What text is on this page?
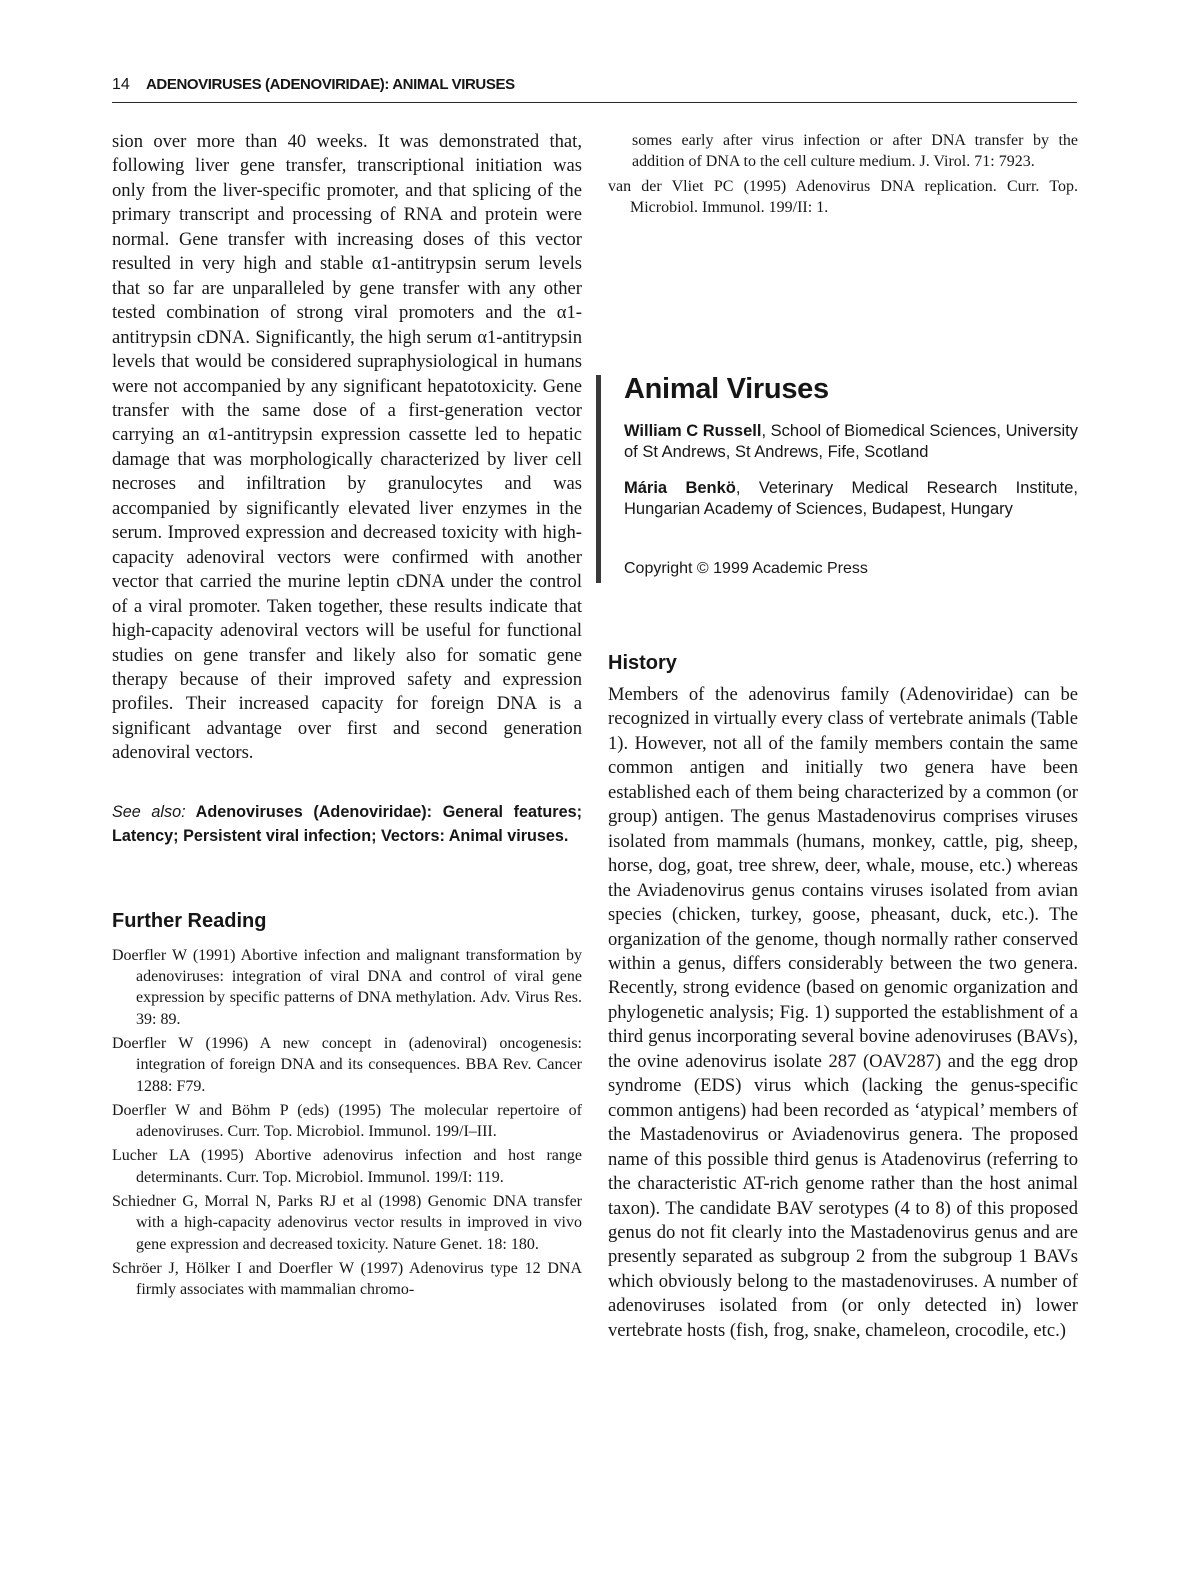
14 ADENOVIRUSES (ADENOVIRIDAE): ANIMAL VIRUSES

sion over more than 40 weeks. It was demonstrated that, following liver gene transfer, transcriptional initiation was only from the liver-specific promoter, and that splicing of the primary transcript and processing of RNA and protein were normal. Gene transfer with increasing doses of this vector resulted in very high and stable α1-antitrypsin serum levels that so far are unparalleled by gene transfer with any other tested combination of strong viral promoters and the α1-antitrypsin cDNA. Significantly, the high serum α1-antitrypsin levels that would be considered supraphysiological in humans were not accompanied by any significant hepatotoxicity. Gene transfer with the same dose of a first-generation vector carrying an α1-antitrypsin expression cassette led to hepatic damage that was morphologically characterized by liver cell necroses and infiltration by granulocytes and was accompanied by significantly elevated liver enzymes in the serum. Improved expression and decreased toxicity with high-capacity adenoviral vectors were confirmed with another vector that carried the murine leptin cDNA under the control of a viral promoter. Taken together, these results indicate that high-capacity adenoviral vectors will be useful for functional studies on gene transfer and likely also for somatic gene therapy because of their improved safety and expression profiles. Their increased capacity for foreign DNA is a significant advantage over first and second generation adenoviral vectors.

See also: Adenoviruses (Adenoviridae): General features; Latency; Persistent viral infection; Vectors: Animal viruses.
Further Reading
Doerfler W (1991) Abortive infection and malignant transformation by adenoviruses: integration of viral DNA and control of viral gene expression by specific patterns of DNA methylation. Adv. Virus Res. 39: 89.
Doerfler W (1996) A new concept in (adenoviral) oncogenesis: integration of foreign DNA and its consequences. BBA Rev. Cancer 1288: F79.
Doerfler W and Böhm P (eds) (1995) The molecular repertoire of adenoviruses. Curr. Top. Microbiol. Immunol. 199/I–III.
Lucher LA (1995) Abortive adenovirus infection and host range determinants. Curr. Top. Microbiol. Immunol. 199/I: 119.
Schiedner G, Morral N, Parks RJ et al (1998) Genomic DNA transfer with a high-capacity adenovirus vector results in improved in vivo gene expression and decreased toxicity. Nature Genet. 18: 180.
Schröer J, Hölker I and Doerfler W (1997) Adenovirus type 12 DNA firmly associates with mammalian chromo-
somes early after virus infection or after DNA transfer by the addition of DNA to the cell culture medium. J. Virol. 71: 7923.
van der Vliet PC (1995) Adenovirus DNA replication. Curr. Top. Microbiol. Immunol. 199/II: 1.
Animal Viruses

William C Russell, School of Biomedical Sciences, University of St Andrews, St Andrews, Fife, Scotland

Mária Benkö, Veterinary Medical Research Institute, Hungarian Academy of Sciences, Budapest, Hungary

Copyright © 1999 Academic Press
History

Members of the adenovirus family (Adenoviridae) can be recognized in virtually every class of vertebrate animals (Table 1). However, not all of the family members contain the same common antigen and initially two genera have been established each of them being characterized by a common (or group) antigen. The genus Mastadenovirus comprises viruses isolated from mammals (humans, monkey, cattle, pig, sheep, horse, dog, goat, tree shrew, deer, whale, mouse, etc.) whereas the Aviadenovirus genus contains viruses isolated from avian species (chicken, turkey, goose, pheasant, duck, etc.). The organization of the genome, though normally rather conserved within a genus, differs considerably between the two genera. Recently, strong evidence (based on genomic organization and phylogenetic analysis; Fig. 1) supported the establishment of a third genus incorporating several bovine adenoviruses (BAVs), the ovine adenovirus isolate 287 (OAV287) and the egg drop syndrome (EDS) virus which (lacking the genus-specific common antigens) had been recorded as ‘atypical’ members of the Mastadenovirus or Aviadenovirus genera. The proposed name of this possible third genus is Atadenovirus (referring to the characteristic AT-rich genome rather than the host animal taxon). The candidate BAV serotypes (4 to 8) of this proposed genus do not fit clearly into the Mastadenovirus genus and are presently separated as subgroup 2 from the subgroup 1 BAVs which obviously belong to the mastadenoviruses. A number of adenoviruses isolated from (or only detected in) lower vertebrate hosts (fish, frog, snake, chameleon, crocodile, etc.)
